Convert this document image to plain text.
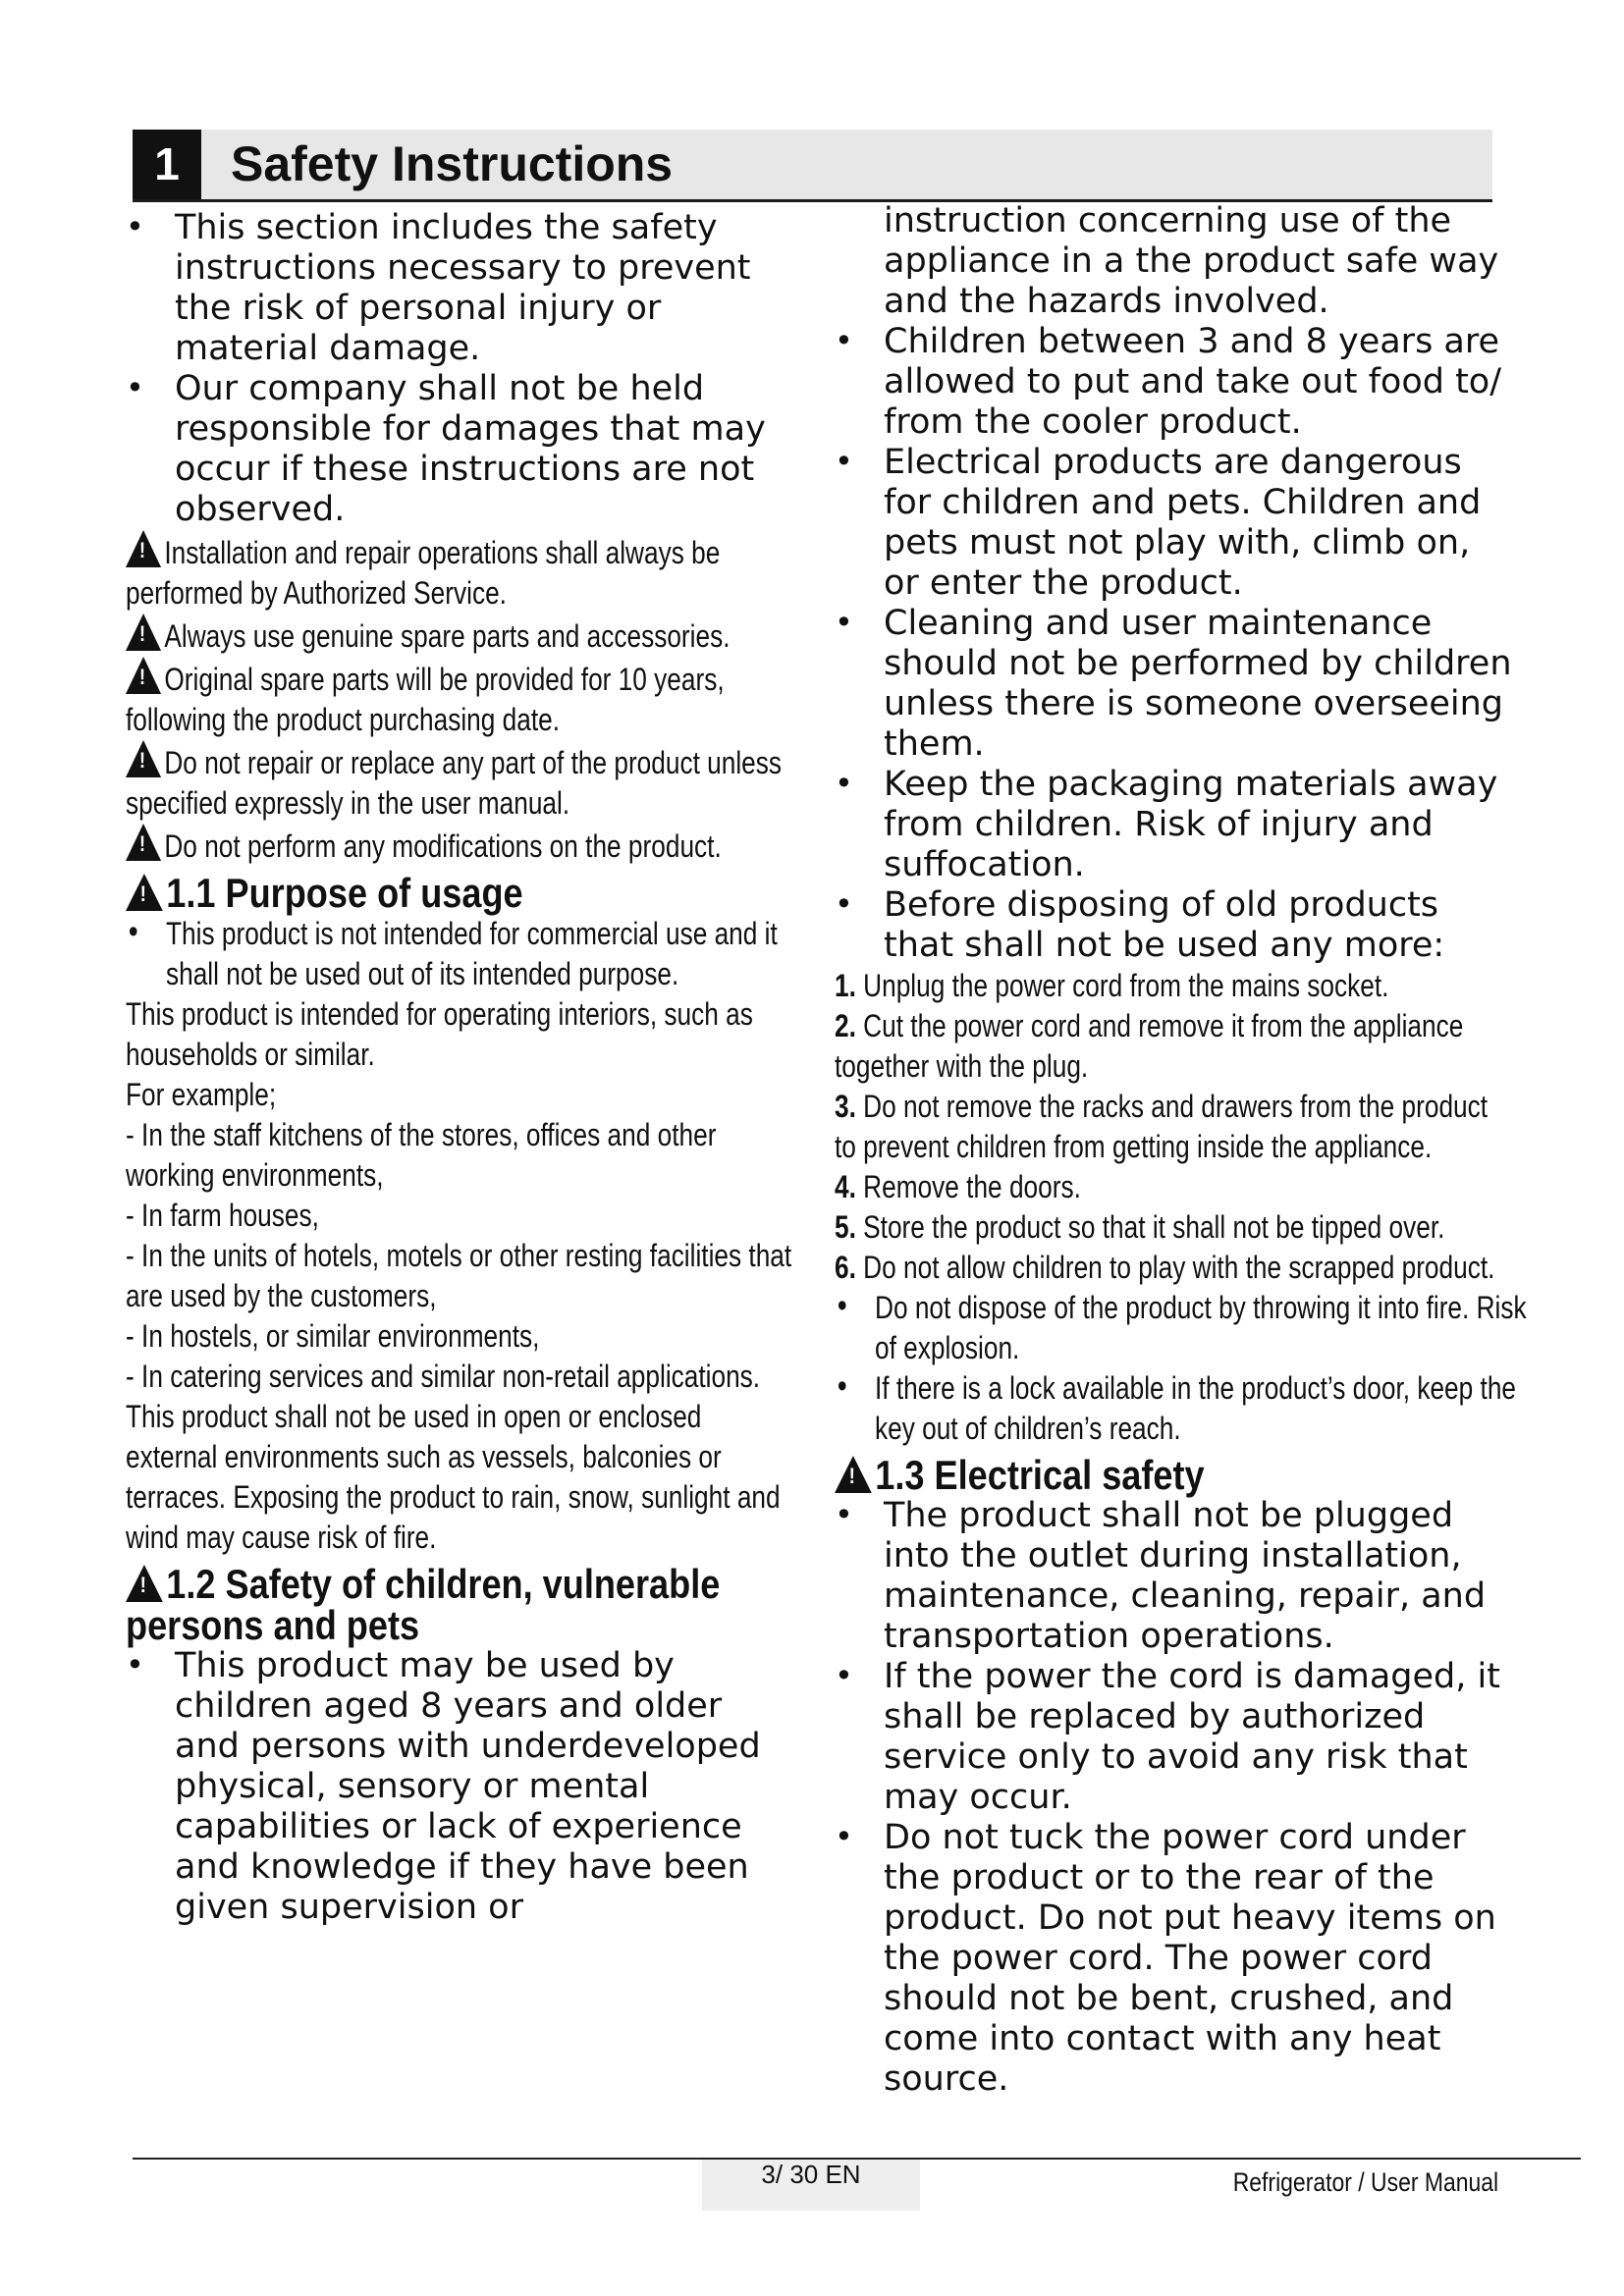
1	Safety Instructions

• This section includes the safety instructions necessary to prevent the risk of personal injury or material damage.

• Our company shall not be held responsible for damages that may occur if these instructions are not observed.

!Installation and repair operations shall always be performed by Authorized Service.

!Always use genuine spare parts and accessories.

!Original spare parts will be provided for 10 years, following the product purchasing date.

!Do not repair or replace any part of the product unless specified expressly in the user manual.

!Do not perform any modifications on the product.

!1.1 Purpose of usage

• This product is not intended for commercial use and it shall not be used out of its intended purpose.

This product is intended for operating interiors, such as households or similar.

For example;

- In the staff kitchens of the stores, offices and other working environments,

- In farm houses,

- In the units of hotels, motels or other resting facilities that are used by the customers,

- In hostels, or similar environments,

- In catering services and similar non-retail applications.

This product shall not be used in open or enclosed external environments such as vessels, balconies or terraces. Exposing the product to rain, snow, sunlight and wind may cause risk of fire.

!1.2 Safety of children, vulnerable persons and pets

• This product may be used by children aged 8 years and older and persons with underdeveloped physical, sensory or mental capabilities or lack of experience and knowledge if they have been given supervision or

instruction concerning use of the appliance in a the product safe way and the hazards involved.

• Children between 3 and 8 years are allowed to put and take out food to/ from the cooler product.

• Electrical products are dangerous for children and pets. Children and pets must not play with, climb on, or enter the product.

• Cleaning and user maintenance should not be performed by children unless there is someone overseeing them.

• Keep the packaging materials away from children. Risk of injury and suffocation.

• Before disposing of old products that shall not be used any more:

1. Unplug the power cord from the mains socket.

2. Cut the power cord and remove it from the appliance together with the plug.

3. Do not remove the racks and drawers from the product to prevent children from getting inside the appliance.

4. Remove the doors.

5. Store the product so that it shall not be tipped over.

6. Do not allow children to play with the scrapped product.

• Do not dispose of the product by throwing it into fire. Risk of explosion.

• If there is a lock available in the product’s door, keep the key out of children’s reach.

!1.3 Electrical safety

• The product shall not be plugged into the outlet during installation, maintenance, cleaning, repair, and transportation operations.

• If the power the cord is damaged, it shall be replaced by authorized service only to avoid any risk that may occur.

• Do not tuck the power cord under the product or to the rear of the product. Do not put heavy items on the power cord. The power cord should not be bent, crushed, and come into contact with any heat source.

3/ 30 EN	Refrigerator / User Manual
